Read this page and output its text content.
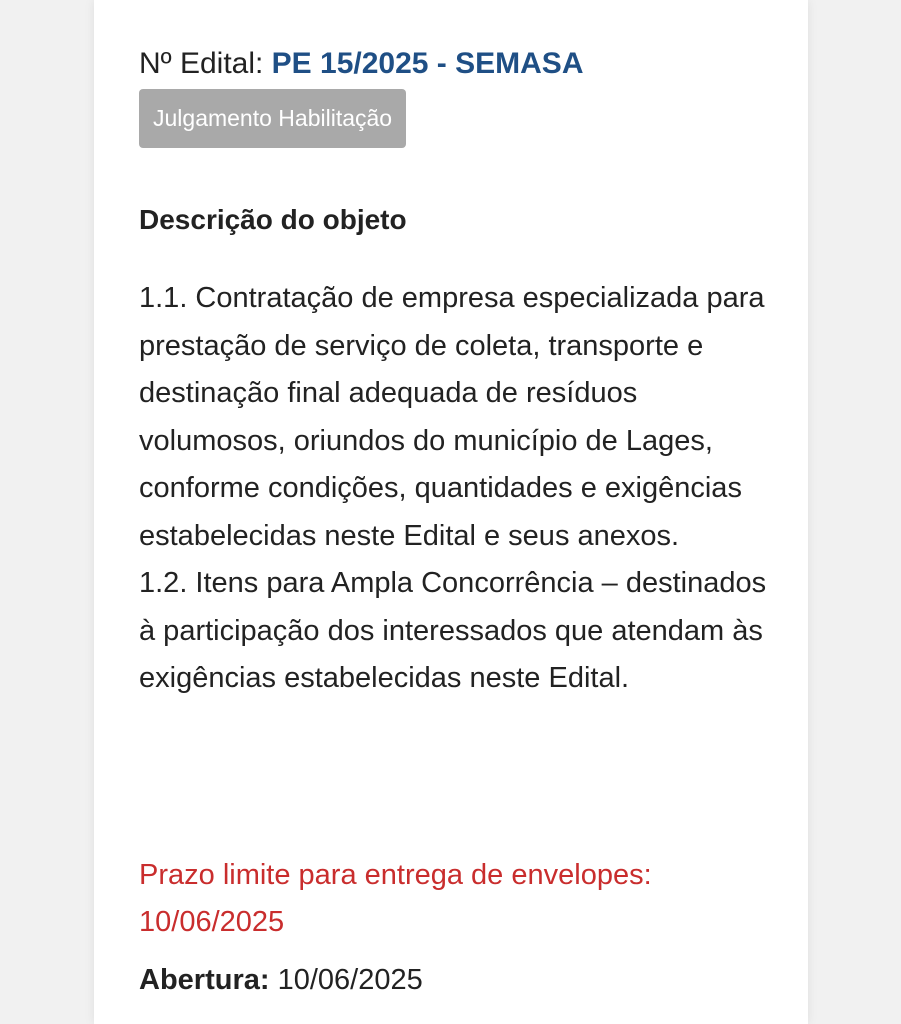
Nº Edital: PE 15/2025 - SEMASA
Julgamento Habilitação
Descrição do objeto

1.1. Contratação de empresa especializada para prestação de serviço de coleta, transporte e destinação final adequada de resíduos volumosos, oriundos do município de Lages, conforme condições, quantidades e exigências estabelecidas neste Edital e seus anexos.

1.2. Itens para Ampla Concorrência – destinados à participação dos interessados que atendam às exigências estabelecidas neste Edital.

Prazo limite para entrega de envelopes:
10/06/2025
Abertura: 10/06/2025
